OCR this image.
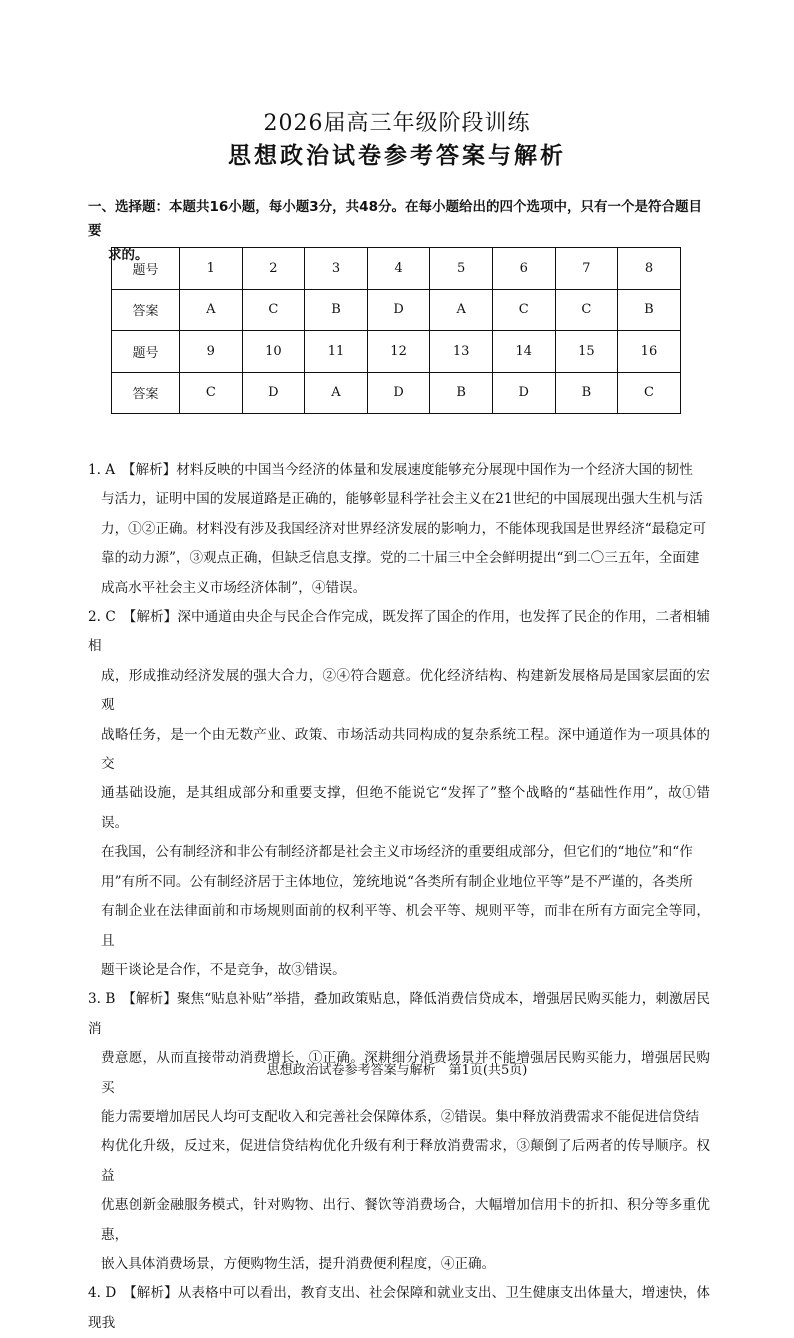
2026届高三年级阶段训练
思想政治试卷参考答案与解析
一、选择题：本题共16小题，每小题3分，共48分。在每小题给出的四个选项中，只有一个是符合题目要
求的。
题号	1	2	3	4	5	6	7	8
答案	A	C	B	D	A	C	C	B
题号	9	10	11	12	13	14	15	16
答案	C	D	A	D	B	D	B	C

1. A　【解析】材料反映的中国当今经济的体量和发展速度能够充分展现中国作为一个经济大国的韧性

与活力，证明中国的发展道路是正确的，能够彰显科学社会主义在21世纪的中国展现出强大生机与活

力，①②正确。材料没有涉及我国经济对世界经济发展的影响力，不能体现我国是世界经济“最稳定可

靠的动力源”，③观点正确，但缺乏信息支撑。党的二十届三中全会鲜明提出“到二〇三五年，全面建

成高水平社会主义市场经济体制”，④错误。

2. C　【解析】深中通道由央企与民企合作完成，既发挥了国企的作用，也发挥了民企的作用，二者相辅相

成，形成推动经济发展的强大合力，②④符合题意。优化经济结构、构建新发展格局是国家层面的宏观

战略任务，是一个由无数产业、政策、市场活动共同构成的复杂系统工程。深中通道作为一项具体的交

通基础设施，是其组成部分和重要支撑，但绝不能说它“发挥了”整个战略的“基础性作用”，故①错误。

在我国，公有制经济和非公有制经济都是社会主义市场经济的重要组成部分，但它们的“地位”和“作

用”有所不同。公有制经济居于主体地位，笼统地说“各类所有制企业地位平等”是不严谨的，各类所

有制企业在法律面前和市场规则面前的权利平等、机会平等、规则平等，而非在所有方面完全等同，且

题干谈论是合作，不是竞争，故③错误。

3. B　【解析】聚焦“贴息补贴”举措，叠加政策贴息，降低消费信贷成本，增强居民购买能力，刺激居民消

费意愿，从而直接带动消费增长，①正确。深耕细分消费场景并不能增强居民购买能力，增强居民购买

能力需要增加居民人均可支配收入和完善社会保障体系，②错误。集中释放消费需求不能促进信贷结

构优化升级，反过来，促进信贷结构优化升级有利于释放消费需求，③颠倒了后两者的传导顺序。权益

优惠创新金融服务模式，针对购物、出行、餐饮等消费场合，大幅增加信用卡的折扣、积分等多重优惠，

嵌入具体消费场景，方便购物生活，提升消费便利程度，④正确。

4. D　【解析】从表格中可以看出，教育支出、社会保障和就业支出、卫生健康支出体量大，增速快，体现我

思想政治试卷参考答案与解析　第1页(共5页)
